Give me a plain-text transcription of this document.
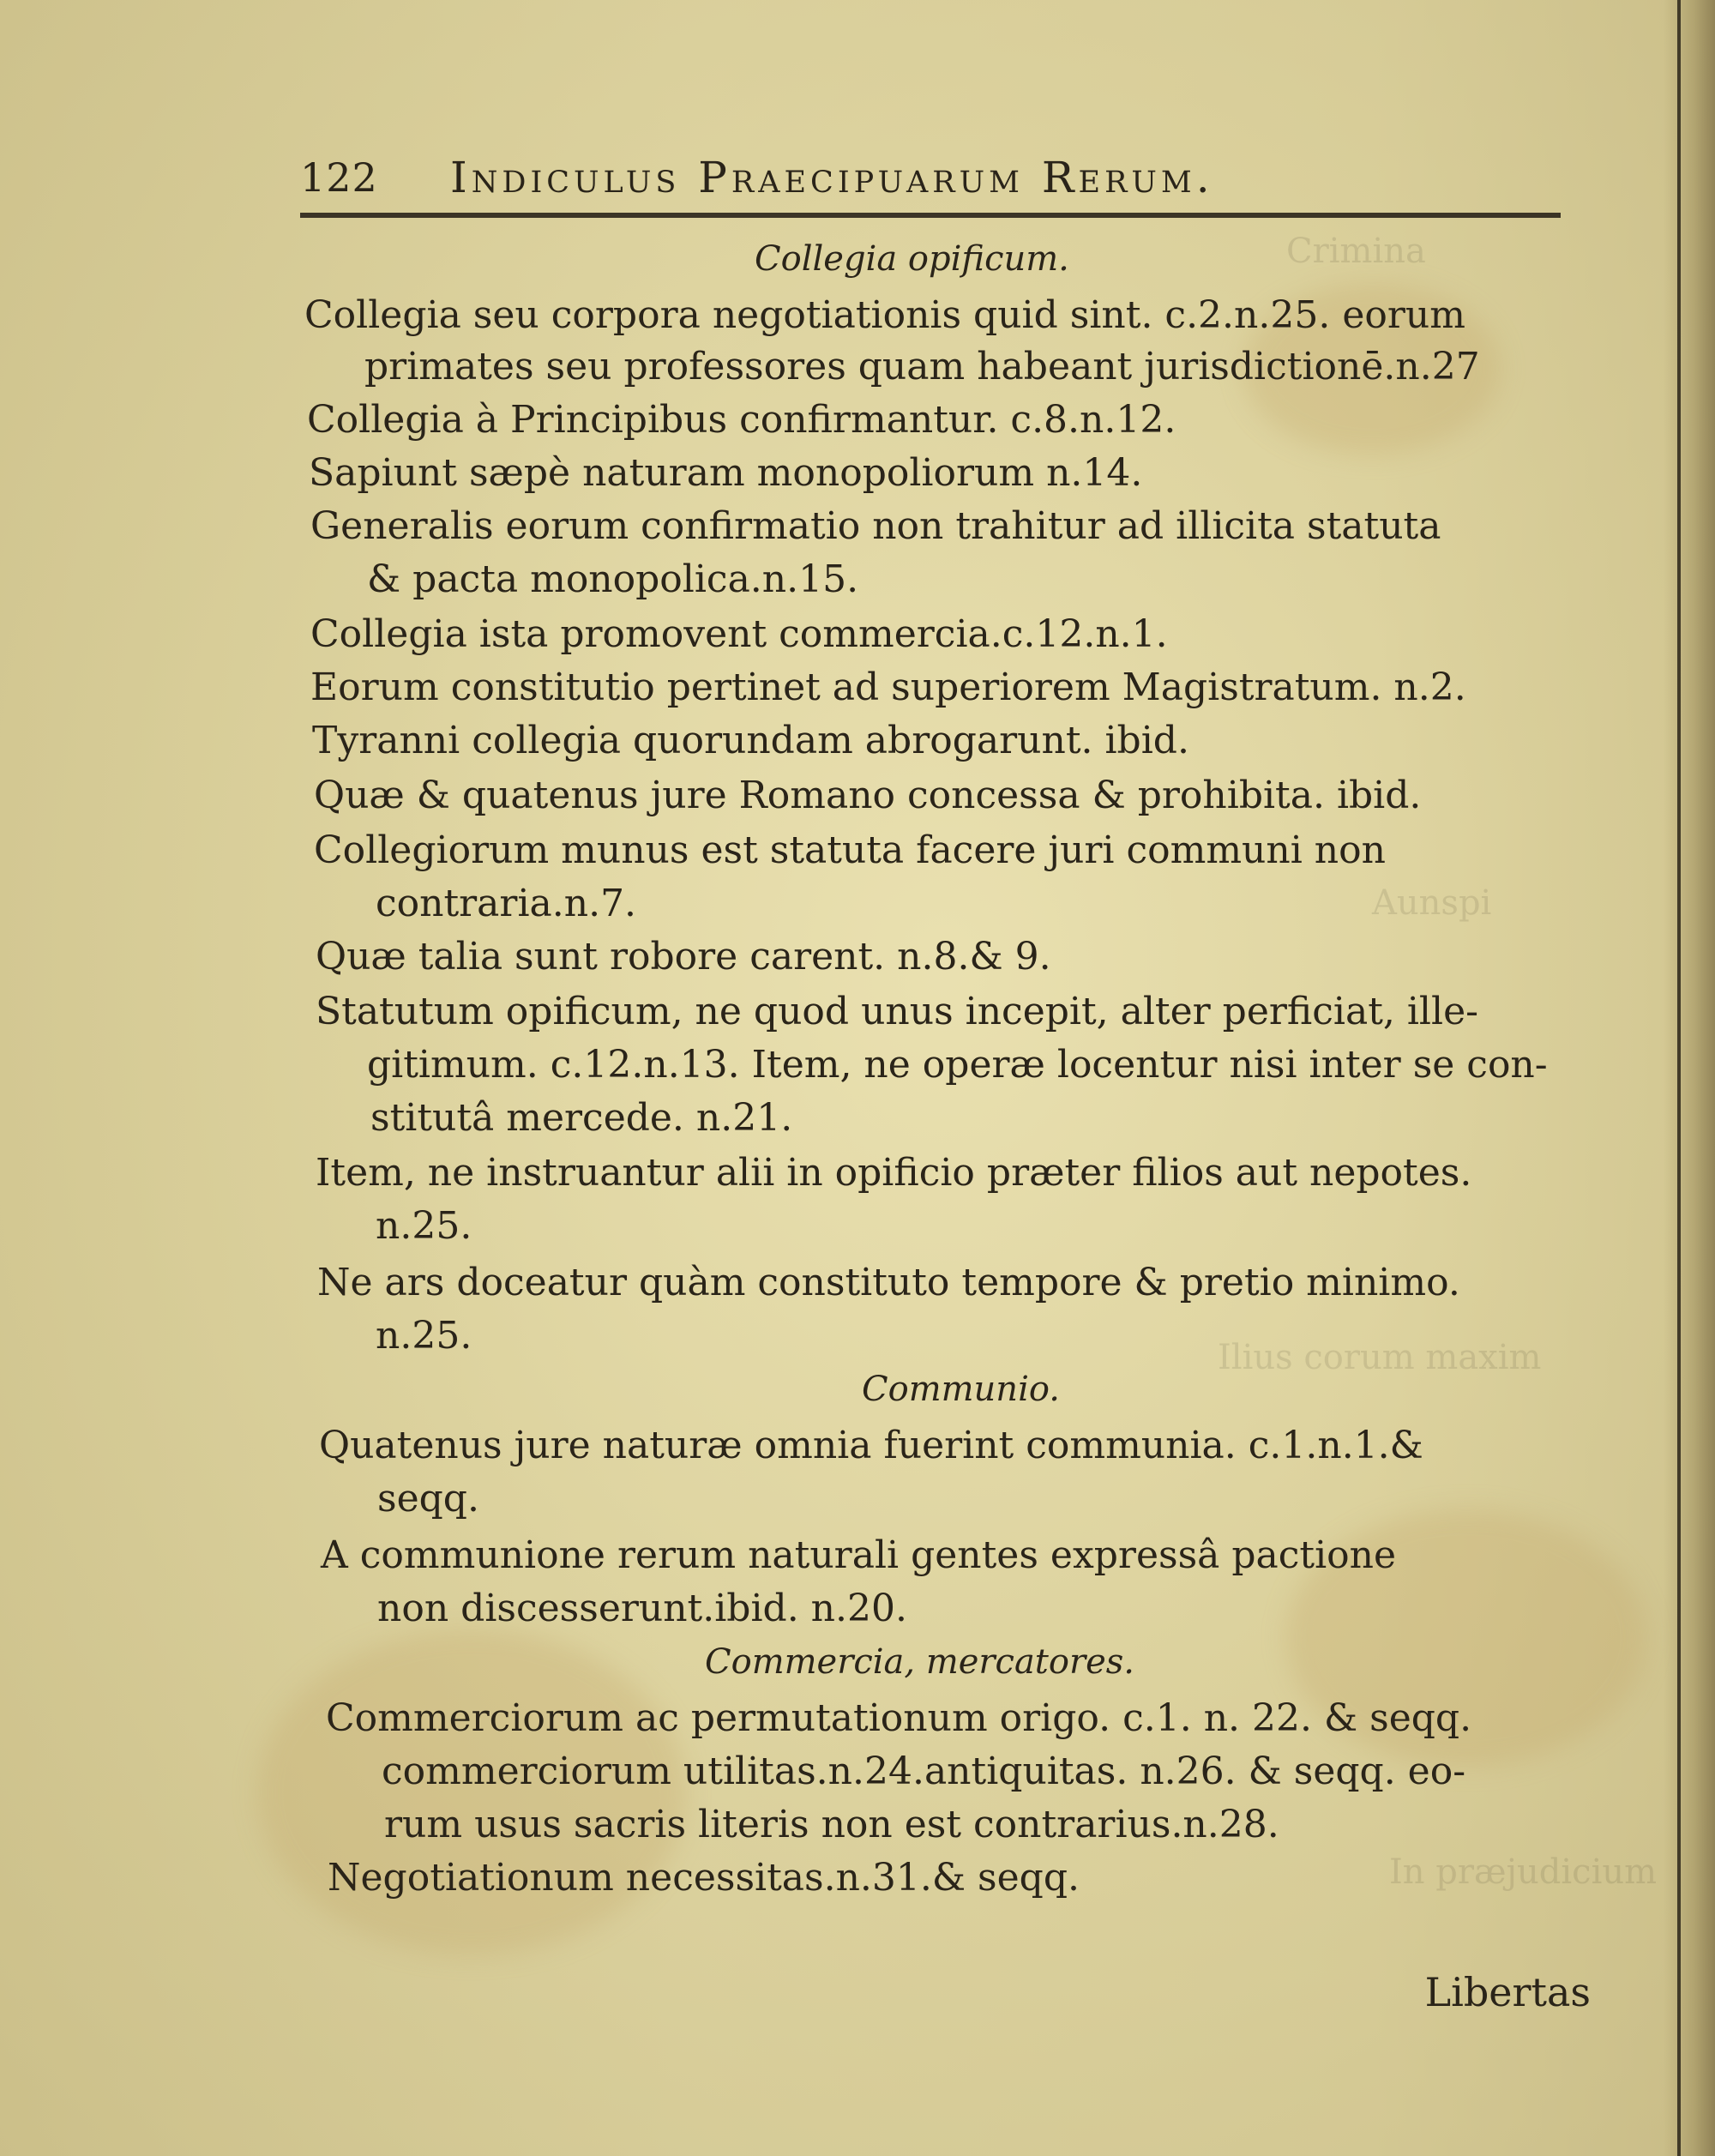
Crimina
Aunspi
Ilius corum maxim
In præjudicium
122 Indiculus Praecipuarum Rerum.
Collegia opificum.
Collegia seu corpora negotiationis quid sint. c.2.n.25. eorum
primates seu professores quam habeant jurisdictionē.n.27
Collegia à Principibus confirmantur. c.8.n.12.
Sapiunt sæpè naturam monopoliorum n.14.
Generalis eorum confirmatio non trahitur ad illicita statuta
& pacta monopolica.n.15.
Collegia ista promovent commercia.c.12.n.1.
Eorum constitutio pertinet ad superiorem Magistratum. n.2.
Tyranni collegia quorundam abrogarunt. ibid.
Quæ & quatenus jure Romano concessa & prohibita. ibid.
Collegiorum munus est statuta facere juri communi non
contraria.n.7.
Quæ talia sunt robore carent. n.8.& 9.
Statutum opificum, ne quod unus incepit, alter perficiat, ille-
gitimum. c.12.n.13. Item, ne operæ locentur nisi inter se con-
stitutâ mercede. n.21.
Item, ne instruantur alii in opificio præter filios aut nepotes.
n.25.
Ne ars doceatur quàm constituto tempore & pretio minimo.
n.25.
Communio.
Quatenus jure naturæ omnia fuerint communia. c.1.n.1.&
seqq.
A communione rerum naturali gentes expressâ pactione
non discesserunt.ibid. n.20.
Commercia, mercatores.
Commerciorum ac permutationum origo. c.1. n. 22. & seqq.
commerciorum utilitas.n.24.antiquitas. n.26. & seqq. eo-
rum usus sacris literis non est contrarius.n.28.
Negotiationum necessitas.n.31.& seqq.
Libertas
